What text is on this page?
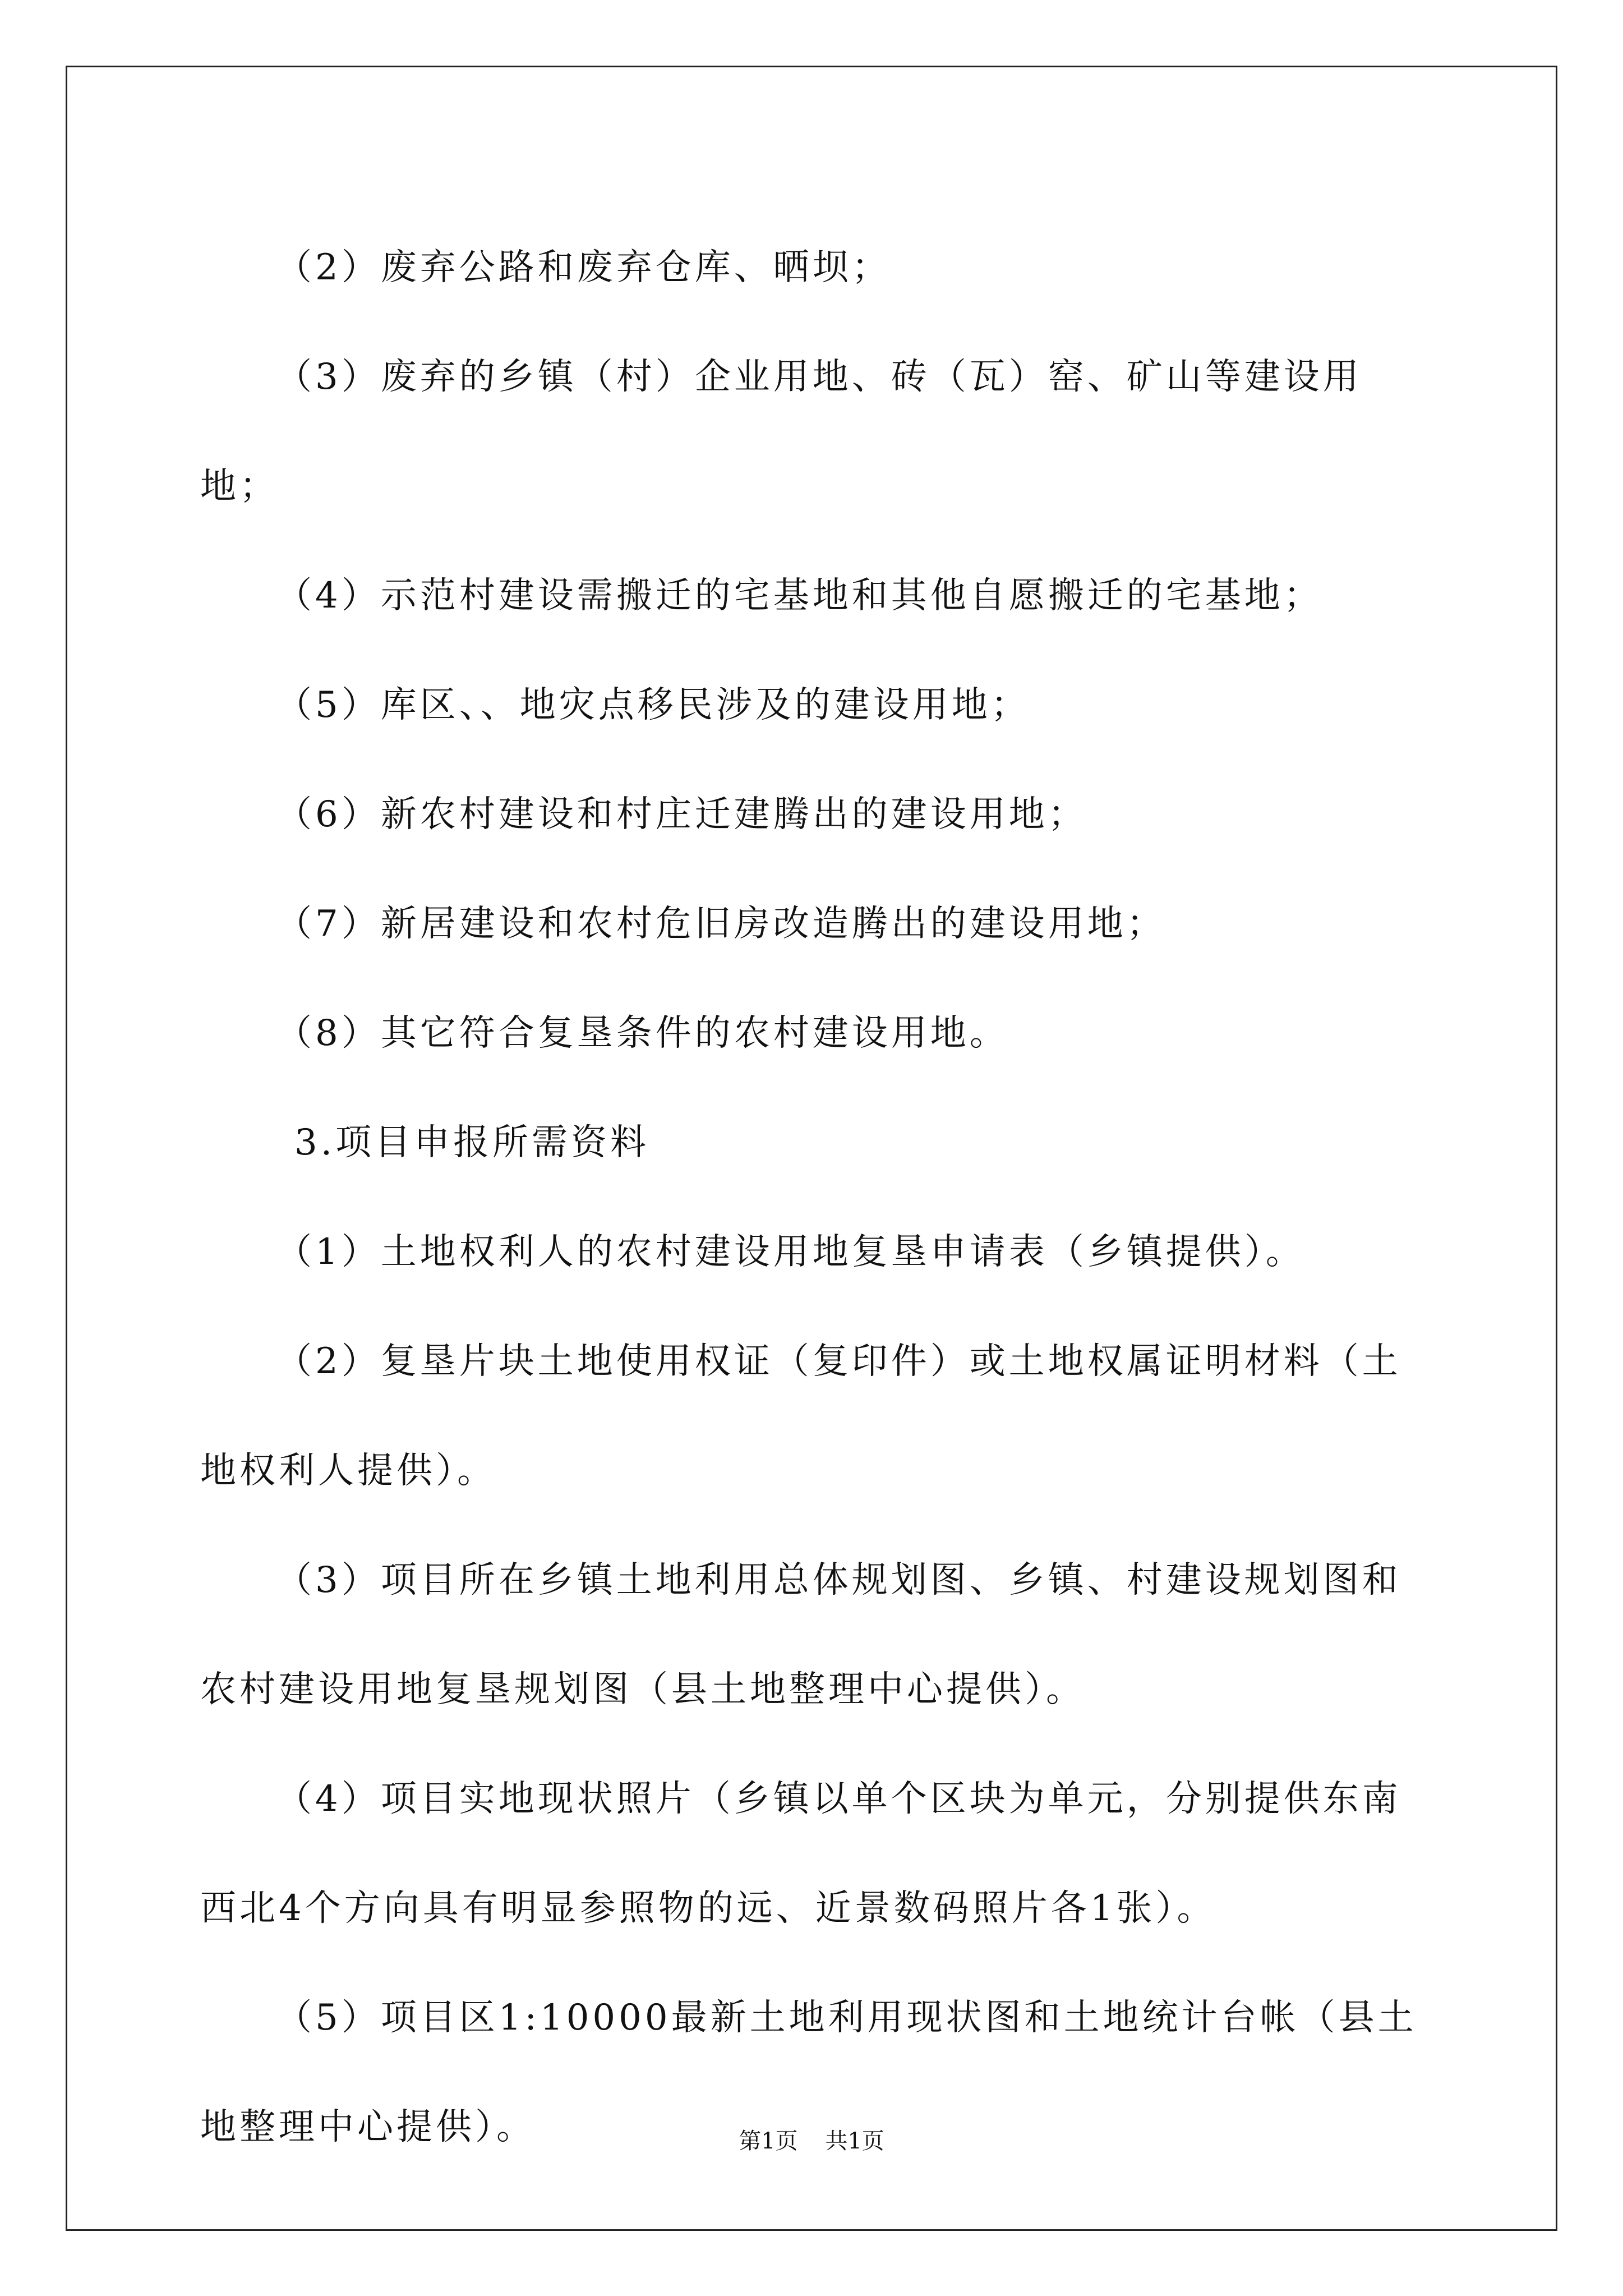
（2）废弃公路和废弃仓库、晒坝；

（3）废弃的乡镇（村）企业用地、砖（瓦）窑、矿山等建设用地；

（4）示范村建设需搬迁的宅基地和其他自愿搬迁的宅基地；

（5）库区、、地灾点移民涉及的建设用地；

（6）新农村建设和村庄迁建腾出的建设用地；

（7）新居建设和农村危旧房改造腾出的建设用地；

（8）其它符合复垦条件的农村建设用地。

3.项目申报所需资料

（1）土地权利人的农村建设用地复垦申请表（乡镇提供）。

（2）复垦片块土地使用权证（复印件）或土地权属证明材料（土地权利人提供）。

（3）项目所在乡镇土地利用总体规划图、乡镇、村建设规划图和农村建设用地复垦规划图（县土地整理中心提供）。

（4）项目实地现状照片（乡镇以单个区块为单元，分别提供东南西北4个方向具有明显参照物的远、近景数码照片各1张）。

（5）项目区1:10000最新土地利用现状图和土地统计台帐（县土地整理中心提供）。	第1页 共1页
